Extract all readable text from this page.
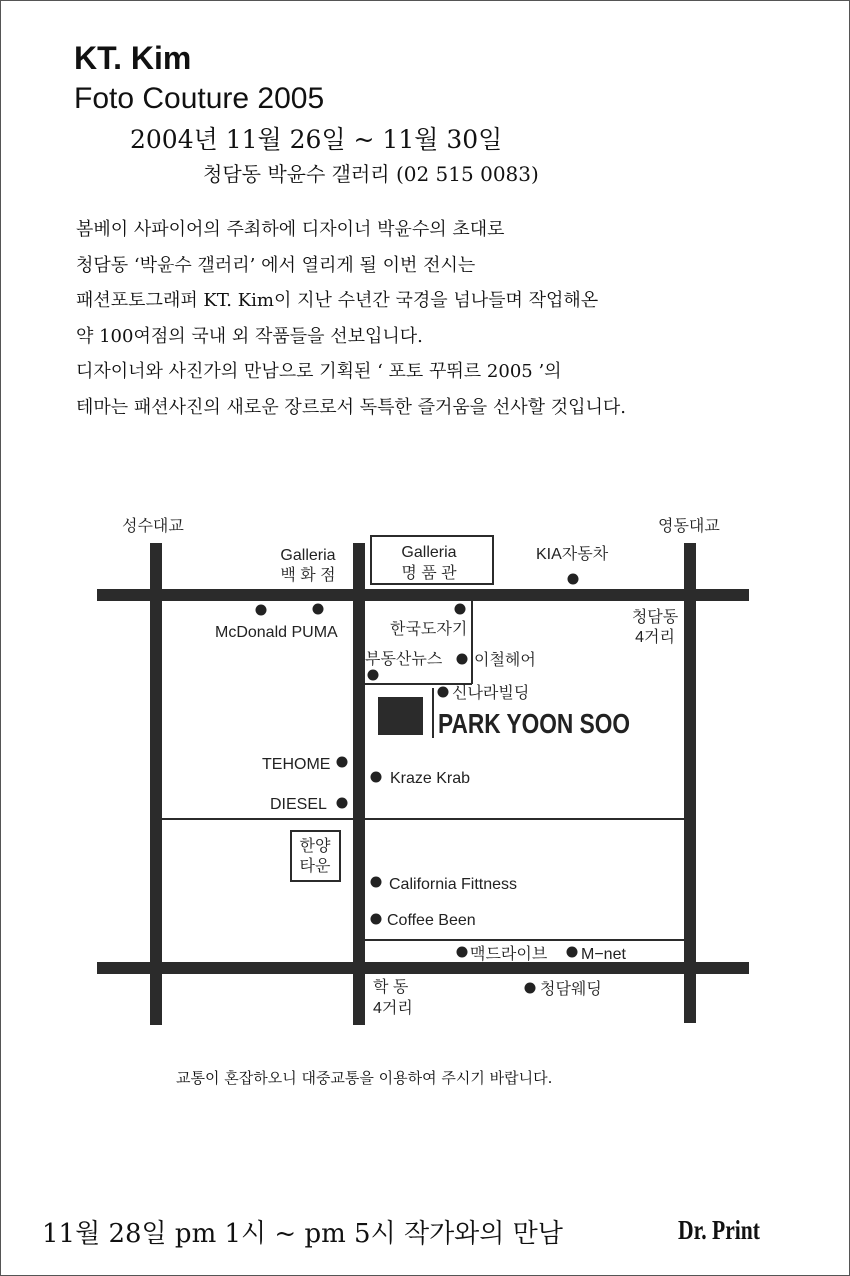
KT. Kim
Foto Couture 2005
2004년 11월 26일 ~ 11월 30일
청담동 박윤수 갤러리 (02 515 0083)
봄베이 사파이어의 주최하에 디자이너 박윤수의 초대로
청담동 ‘박윤수 갤러리’ 에서 열리게 될 이번 전시는
패션포토그래퍼 KT. Kim이 지난 수년간 국경을 넘나들며 작업해온
약 100여점의 국내 외 작품들을 선보입니다.
디자이너와 사진가의 만남으로 기획된 ‘ 포토 꾸뛰르 2005 ’의
테마는 패션사진의 새로운 장르로서 독특한 즐거움을 선사할 것입니다.
성수대교	영동대교
Galleria
백 화 점
Galleria
명 품 관
KIA자동차
청담동
4거리
McDonald PUMA	한국도자기
부동산뉴스 이철헤어
신나라빌딩
PARK YOON SOO
TEHOME
Kraze Krab
DIESEL
한양
타운
California Fittness
Coffee Been
맥드라이브 M−net
학 동
4거리
청담웨딩
교통이 혼잡하오니 대중교통을 이용하여 주시기 바랍니다.
11월 28일 pm 1시 ~ pm 5시 작가와의 만남	Dr. Print
